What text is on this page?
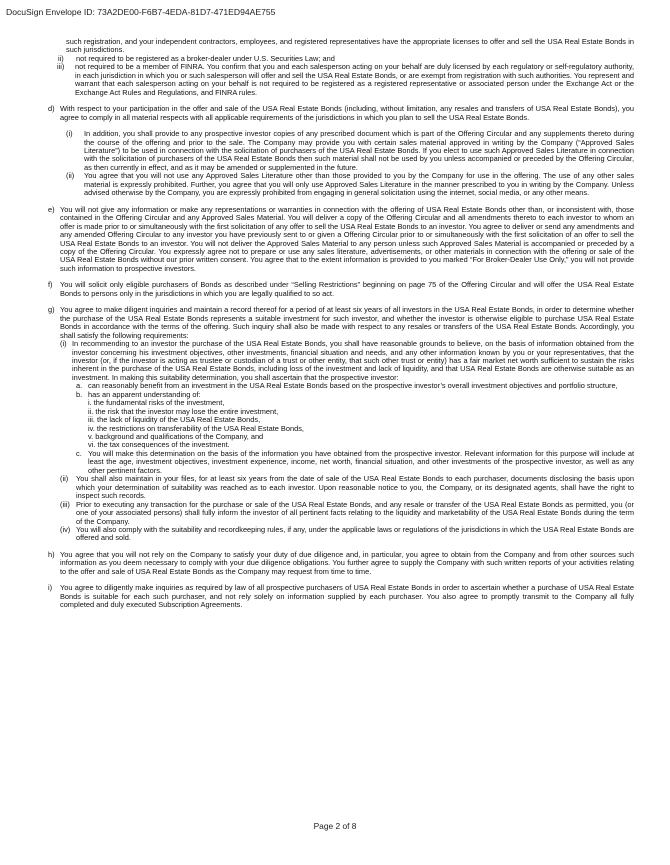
DocuSign Envelope ID: 73A2DE00-F6B7-4EDA-81D7-471ED94AE755

such registration, and your independent contractors, employees, and registered representatives have the appropriate licenses to offer and sell the USA Real Estate Bonds in such jurisdictions.

ii)	not required to be registered as a broker-dealer under U.S. Securities Law; and
iii)	not required to be a member of FINRA. You confirm that you and each salesperson acting on your behalf are duly licensed by each regulatory or self-regulatory authority, in each jurisdiction in which you or such salesperson will offer and sell the USA Real Estate Bonds, or are exempt from registration with such authorities. You represent and warrant that each salesperson acting on your behalf is not required to be registered as a registered representative or associated person under the Exchange Act or the Exchange Act Rules and Regulations, and FINRA rules.
d) With respect to your participation in the offer and sale of the USA Real Estate Bonds (including, without limitation, any resales and transfers of USA Real Estate Bonds), you agree to comply in all material respects with all applicable requirements of the jurisdictions in which you plan to sell the USA Real Estate Bonds.
(i)	In addition, you shall provide to any prospective investor copies of any prescribed document which is part of the Offering Circular and any supplements thereto during the course of the offering and prior to the sale. The Company may provide you with certain sales material approved in writing by the Company (“Approved Sales Literature”) to be used in connection with the solicitation of purchasers of the USA Real Estate Bonds. If you elect to use such Approved Sales Literature in connection with the solicitation of purchasers of the USA Real Estate Bonds then such material shall not be used by you unless accompanied or preceded by the Offering Circular, as then currently in effect, and as it may be amended or supplemented in the future.
(ii)	You agree that you will not use any Approved Sales Literature other than those provided to you by the Company for use in the offering. The use of any other sales material is expressly prohibited. Further, you agree that you will only use Approved Sales Literature in the manner prescribed to you in writing by the Company. Unless advised otherwise by the Company, you are expressly prohibited from engaging in general solicitation using the internet, social media, or any other means.
e) You will not give any information or make any representations or warranties in connection with the offering of USA Real Estate Bonds other than, or inconsistent with, those contained in the Offering Circular and any Approved Sales Material. You will deliver a copy of the Offering Circular and all amendments thereto to each investor to whom an offer is made prior to or simultaneously with the first solicitation of any offer to sell the USA Real Estate Bonds to an investor. You agree to deliver or send any amendments and any amended Offering Circular to any investor you have previously sent to or given a Offering Circular prior to or simultaneously with the first solicitation of an offer to sell the USA Real Estate Bonds to an investor. You will not deliver the Approved Sales Material to any person unless such Approved Sales Material is accompanied or preceded by a copy of the Offering Circular. You expressly agree not to prepare or use any sales literature, advertisements, or other materials in connection with the offering or sale of the USA Real Estate Bonds without our prior written consent. You agree that to the extent information is provided to you marked “For Broker-Dealer Use Only,” you will not provide such information to prospective investors.
f)	You will solicit only eligible purchasers of Bonds as described under “Selling Restrictions” beginning on page 75 of the Offering Circular and will offer the USA Real Estate Bonds to persons only in the jurisdictions in which you are legally qualified to so act.
g) You agree to make diligent inquiries and maintain a record thereof for a period of at least six years of all investors in the USA Real Estate Bonds, in order to determine whether the purchase of the USA Real Estate Bonds represents a suitable investment for such investor, and whether the investor is otherwise eligible to purchase USA Real Estate Bonds in accordance with the terms of the offering. Such inquiry shall also be made with respect to any resales or transfers of the USA Real Estate Bonds. Accordingly, you shall satisfy the following requirements:
(i) In recommending to an investor the purchase of the USA Real Estate Bonds, you shall have reasonable grounds to believe, on the basis of information obtained from the investor concerning his investment objectives, other investments, financial situation and needs, and any other information known by you or your representatives, that the investor (or, if the investor is acting as trustee or custodian of a trust or other entity, that such other trust or entity) has a fair market net worth sufficient to sustain the risks inherent in the purchase of the USA Real Estate Bonds, including loss of the investment and lack of liquidity, and that USA Real Estate Bonds are otherwise suitable as an investment. In making this suitability determination, you shall ascertain that the prospective investor:
a. can reasonably benefit from an investment in the USA Real Estate Bonds based on the prospective investor’s overall investment objectives and portfolio structure,
b. has an apparent understanding of:

i. the fundamental risks of the investment,

ii. the risk that the investor may lose the entire investment,

iii. the lack of liquidity of the USA Real Estate Bonds,

iv. the restrictions on transferability of the USA Real Estate Bonds,

v. background and qualifications of the Company, and

vi. the tax consequences of the investment.

c. You will make this determination on the basis of the information you have obtained from the prospective investor. Relevant information for this purpose will include at least the age, investment objectives, investment experience, income, net worth, financial situation, and other investments of the prospective investor, as well as any other pertinent factors.
(ii)	You shall also maintain in your files, for at least six years from the date of sale of the USA Real Estate Bonds to each purchaser, documents disclosing the basis upon which your determination of suitability was reached as to each investor. Upon reasonable notice to you, the Company, or its designated agents, shall have the right to inspect such records.
(iii) Prior to executing any transaction for the purchase or sale of the USA Real Estate Bonds, and any resale or transfer of the USA Real Estate Bonds as permitted, you (or one of your associated persons) shall fully inform the investor of all pertinent facts relating to the liquidity and marketability of the USA Real Estate Bonds during the term of the Company.
(iv) You will also comply with the suitability and recordkeeping rules, if any, under the applicable laws or regulations of the jurisdictions in which the USA Real Estate Bonds are offered and sold.
h) You agree that you will not rely on the Company to satisfy your duty of due diligence and, in particular, you agree to obtain from the Company and from other sources such information as you deem necessary to comply with your due diligence obligations. You further agree to supply the Company with such written reports of your activities relating to the offer and sale of USA Real Estate Bonds as the Company may request from time to time.
i)	You agree to diligently make inquiries as required by law of all prospective purchasers of USA Real Estate Bonds in order to ascertain whether a purchase of USA Real Estate Bonds is suitable for each such purchaser, and not rely solely on information supplied by each purchaser. You also agree to promptly transmit to the Company all fully completed and duly executed Subscription Agreements.
Page 2 of 8
